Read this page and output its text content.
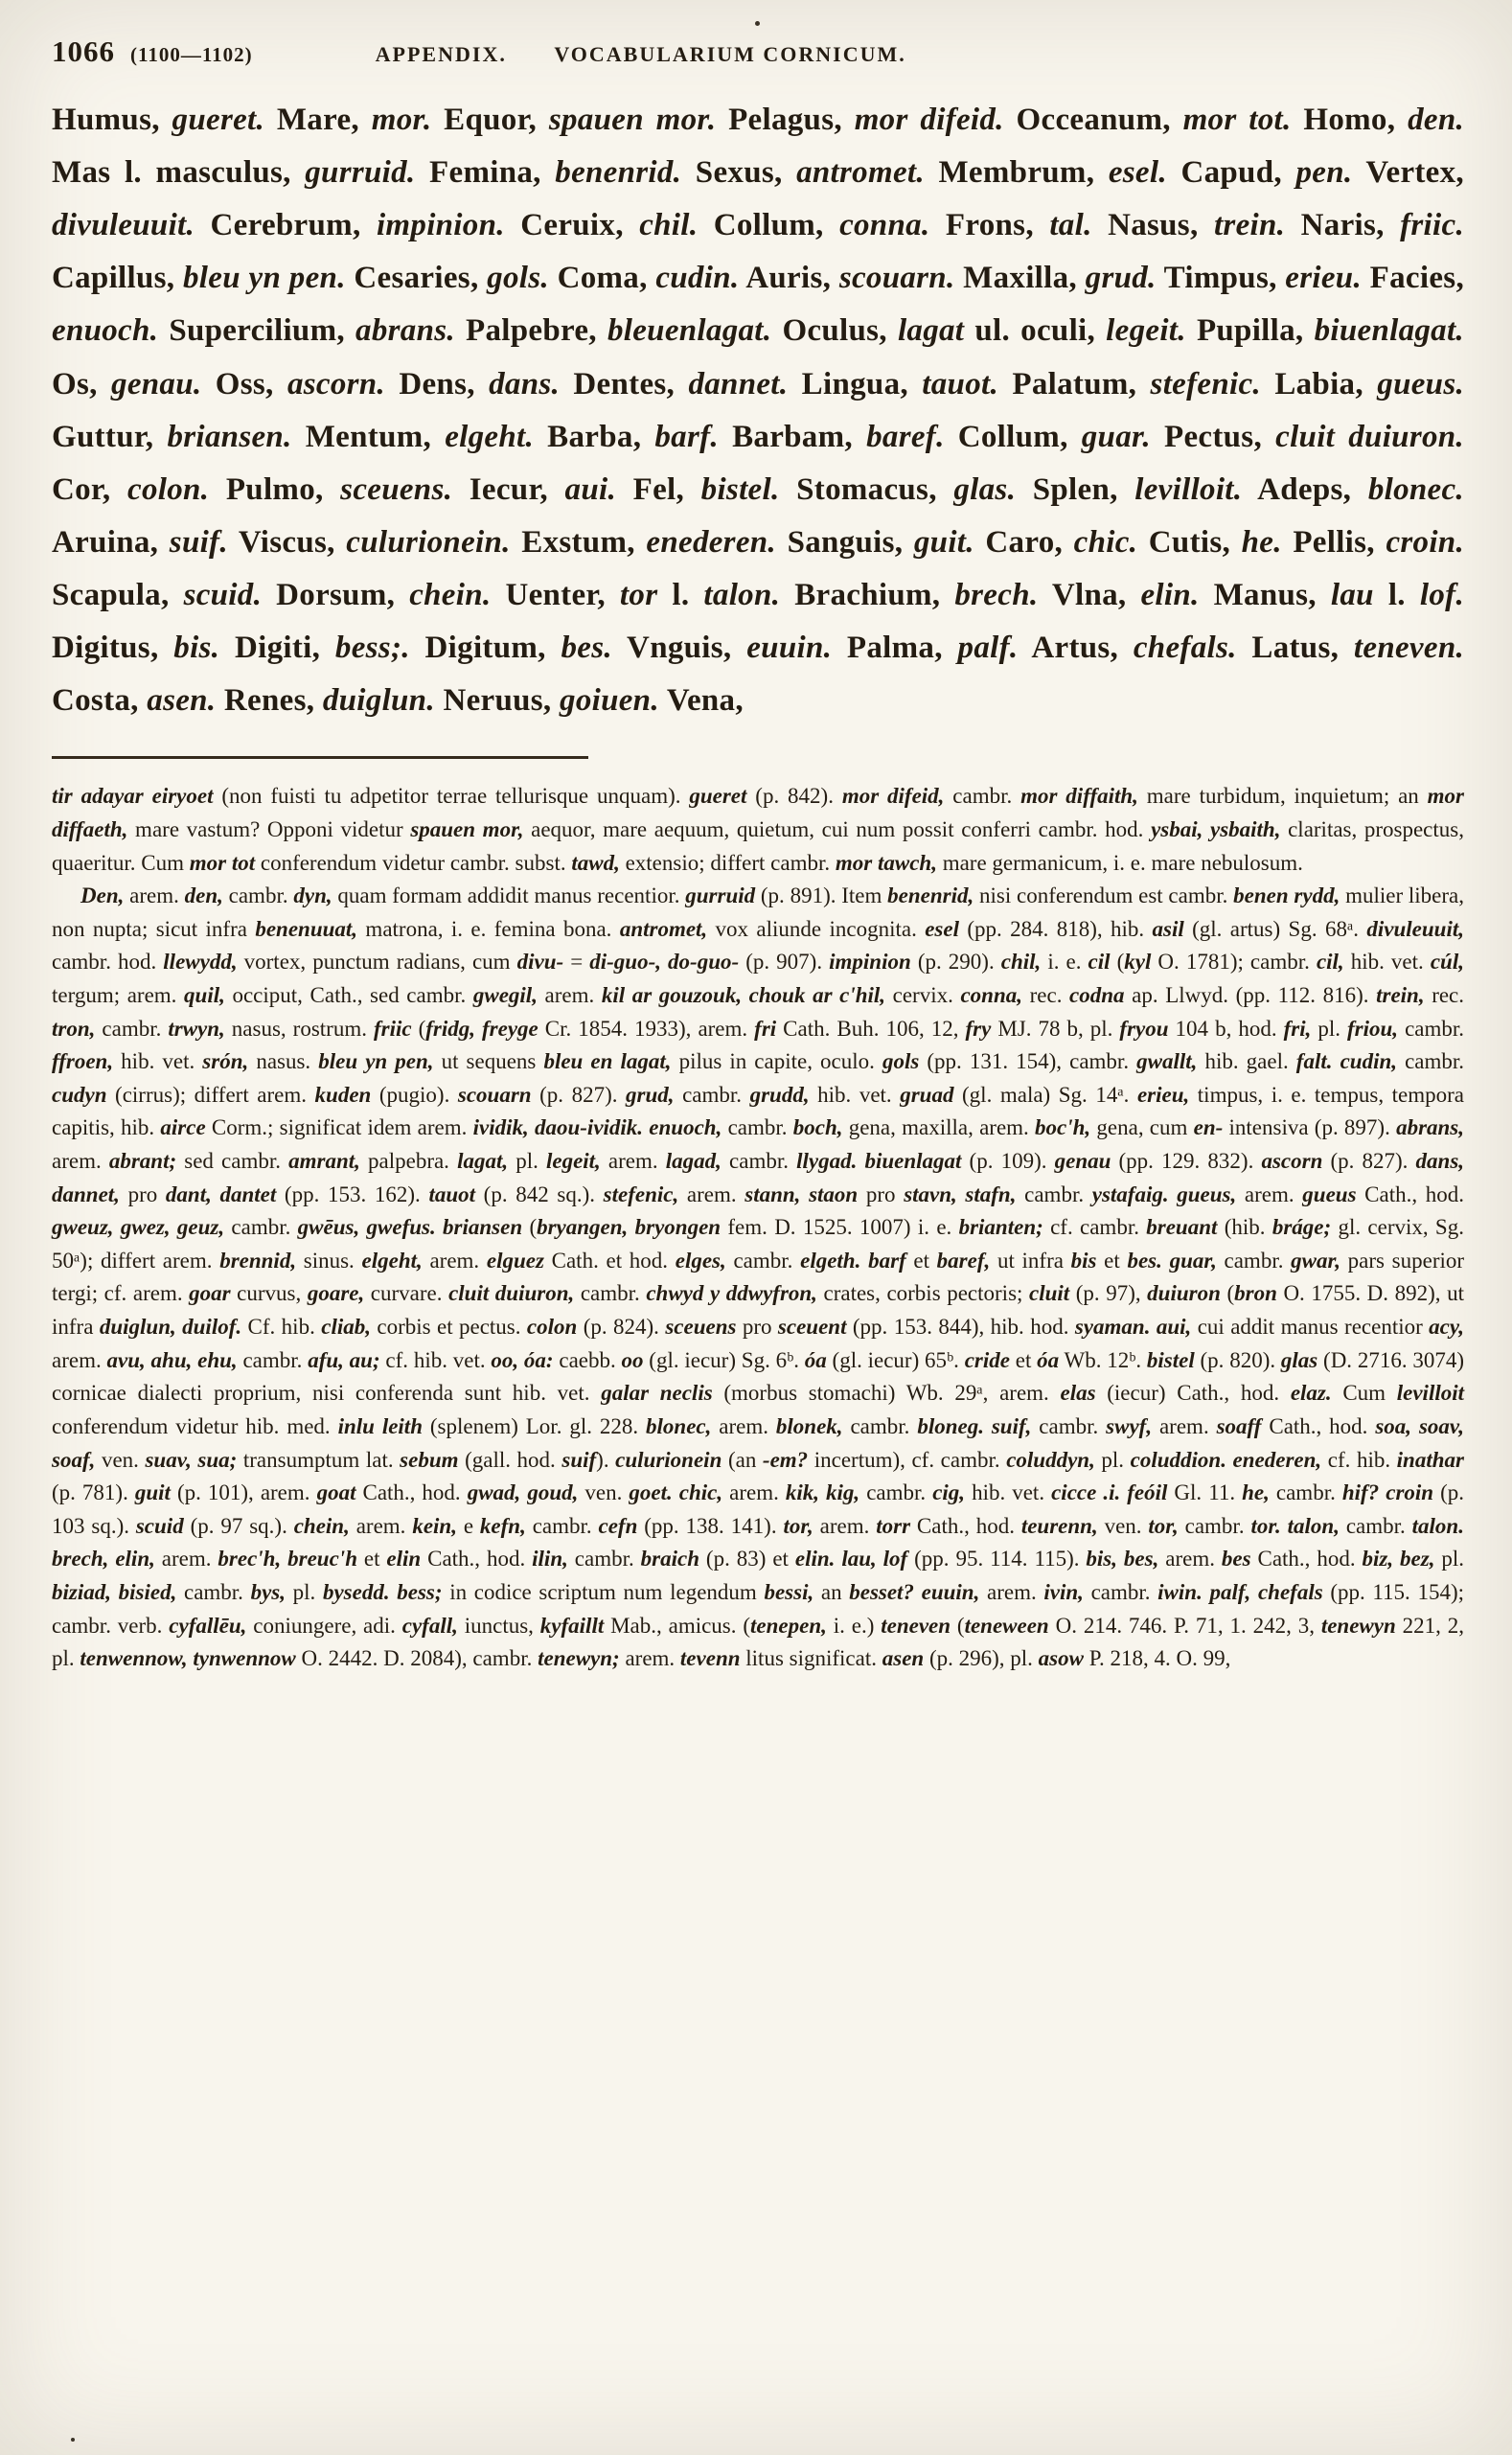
1066 (1100—1102)	APPENDIX. VOCABULARIUM CORNICUM.

Humus, gueret. Mare, mor. Equor, spauen mor. Pelagus, mor difeid. Occeanum, mor tot. Homo, den. Mas l. masculus, gurruid. Femina, benenrid. Sexus, antromet. Membrum, esel. Capud, pen. Vertex, divuleuuit. Cerebrum, impinion. Ceruix, chil. Collum, conna. Frons, tal. Nasus, trein. Naris, friic. Capillus, bleu yn pen. Cesaries, gols. Coma, cudin. Auris, scouarn. Maxilla, grud. Timpus, erieu. Facies, enuoch. Supercilium, abrans. Palpebre, bleuenlagat. Oculus, lagat ul. oculi, legeit. Pupilla, biuenlagat. Os, genau. Oss, ascorn. Dens, dans. Dentes, dannet. Lingua, tauot. Palatum, stefenic. Labia, gueus. Guttur, briansen. Mentum, elgeht. Barba, barf. Barbam, baref. Collum, guar. Pectus, cluit duiuron. Cor, colon. Pulmo, sceuens. Iecur, aui. Fel, bistel. Stomacus, glas. Splen, levilloit. Adeps, blonec. Aruina, suif. Viscus, culurionein. Exstum, enederen. Sanguis, guit. Caro, chic. Cutis, he. Pellis, croin. Scapula, scuid. Dorsum, chein. Uenter, tor l. talon. Brachium, brech. Vlna, elin. Manus, lau l. lof. Digitus, bis. Digiti, bess;. Digitum, bes. Vnguis, euuin. Palma, palf. Artus, chefals. Latus, teneven. Costa, asen. Renes, duiglun. Neruus, goiuen. Vena,

tir adayar eiryoet (non fuisti tu adpetitor terrae tellurisque unquam). gueret (p. 842). mor difeid, cambr. mor diffaith, mare turbidum, inquietum; an mor diffaeth, mare vastum? Opponi videtur spauen mor, aequor, mare aequum, quietum, cui num possit conferri cambr. hod. ysbai, ysbaith, claritas, prospectus, quaeritur. Cum mor tot conferendum videtur cambr. subst. tawd, extensio; differt cambr. mor tawch, mare germanicum, i. e. mare nebulosum.

Den, arem. den, cambr. dyn, quam formam addidit manus recentior. gurruid (p. 891). Item benenrid, nisi conferendum est cambr. benen rydd, mulier libera, non nupta; sicut infra benenuuat, matrona, i. e. femina bona. antromet, vox aliunde incognita. esel (pp. 284. 818), hib. asil (gl. artus) Sg. 68ᵃ. divuleuuit, cambr. hod. llewydd, vortex, punctum radians, cum divu- = di-guo-, do-guo- (p. 907). impinion (p. 290). chil, i. e. cil (kyl O. 1781); cambr. cil, hib. vet. cúl, tergum; arem. quil, occiput, Cath., sed cambr. gwegil, arem. kil ar gouzouk, chouk ar c'hil, cervix. conna, rec. codna ap. Llwyd. (pp. 112. 816). trein, rec. tron, cambr. trwyn, nasus, rostrum. friic (fridg, freyge Cr. 1854. 1933), arem. fri Cath. Buh. 106, 12, fry MJ. 78 b, pl. fryou 104 b, hod. fri, pl. friou, cambr. ffroen, hib. vet. srón, nasus. bleu yn pen, ut sequens bleu en lagat, pilus in capite, oculo. gols (pp. 131. 154), cambr. gwallt, hib. gael. falt. cudin, cambr. cudyn (cirrus); differt arem. kuden (pugio). scouarn (p. 827). grud, cambr. grudd, hib. vet. gruad (gl. mala) Sg. 14ᵃ. erieu, timpus, i. e. tempus, tempora capitis, hib. airce Corm.; significat idem arem. ividik, daou-ividik. enuoch, cambr. boch, gena, maxilla, arem. boc'h, gena, cum en- intensiva (p. 897). abrans, arem. abrant; sed cambr. amrant, palpebra. lagat, pl. legeit, arem. lagad, cambr. llygad. biuenlagat (p. 109). genau (pp. 129. 832). ascorn (p. 827). dans, dannet, pro dant, dantet (pp. 153. 162). tauot (p. 842 sq.). stefenic, arem. stann, staon pro stavn, stafn, cambr. ystafaig. gueus, arem. gueus Cath., hod. gweuz, gwez, geuz, cambr. gwēus, gwefus. briansen (bryangen, bryongen fem. D. 1525. 1007) i. e. brianten; cf. cambr. breuant (hib. bráge; gl. cervix, Sg. 50ᵃ); differt arem. brennid, sinus. elgeht, arem. elguez Cath. et hod. elges, cambr. elgeth. barf et baref, ut infra bis et bes. guar, cambr. gwar, pars superior tergi; cf. arem. goar curvus, goare, curvare. cluit duiuron, cambr. chwyd y ddwyfron, crates, corbis pectoris; cluit (p. 97), duiuron (bron O. 1755. D. 892), ut infra duiglun, duilof. Cf. hib. cliab, corbis et pectus. colon (p. 824). sceuens pro sceuent (pp. 153. 844), hib. hod. syaman. aui, cui addit manus recentior acy, arem. avu, ahu, ehu, cambr. afu, au; cf. hib. vet. oo, óa: caebb. oo (gl. iecur) Sg. 6ᵇ. óa (gl. iecur) 65ᵇ. cride et óa Wb. 12ᵇ. bistel (p. 820). glas (D. 2716. 3074) cornicae dialecti proprium, nisi conferenda sunt hib. vet. galar neclis (morbus stomachi) Wb. 29ᵃ, arem. elas (iecur) Cath., hod. elaz. Cum levilloit conferendum videtur hib. med. inlu leith (splenem) Lor. gl. 228. blonec, arem. blonek, cambr. bloneg. suif, cambr. swyf, arem. soaff Cath., hod. soa, soav, soaf, ven. suav, sua; transumptum lat. sebum (gall. hod. suif). culurionein (an -em? incertum), cf. cambr. coluddyn, pl. coluddion. enederen, cf. hib. inathar (p. 781). guit (p. 101), arem. goat Cath., hod. gwad, goud, ven. goet. chic, arem. kik, kig, cambr. cig, hib. vet. cicce .i. feóil Gl. 11. he, cambr. hif? croin (p. 103 sq.). scuid (p. 97 sq.). chein, arem. kein, e kefn, cambr. cefn (pp. 138. 141). tor, arem. torr Cath., hod. teurenn, ven. tor, cambr. tor. talon, cambr. talon. brech, elin, arem. brec'h, breuc'h et elin Cath., hod. ilin, cambr. braich (p. 83) et elin. lau, lof (pp. 95. 114. 115). bis, bes, arem. bes Cath., hod. biz, bez, pl. biziad, bisied, cambr. bys, pl. bysedd. bess; in codice scriptum num legendum bessi, an besset? euuin, arem. ivin, cambr. iwin. palf, chefals (pp. 115. 154); cambr. verb. cyfallēu, coniungere, adi. cyfall, iunctus, kyfaillt Mab., amicus. (tenepen, i. e.) teneven (teneween O. 214. 746. P. 71, 1. 242, 3, tenewyn 221, 2, pl. tenwennow, tynwennow O. 2442. D. 2084), cambr. tenewyn; arem. tevenn litus significat. asen (p. 296), pl. asow P. 218, 4. O. 99,
